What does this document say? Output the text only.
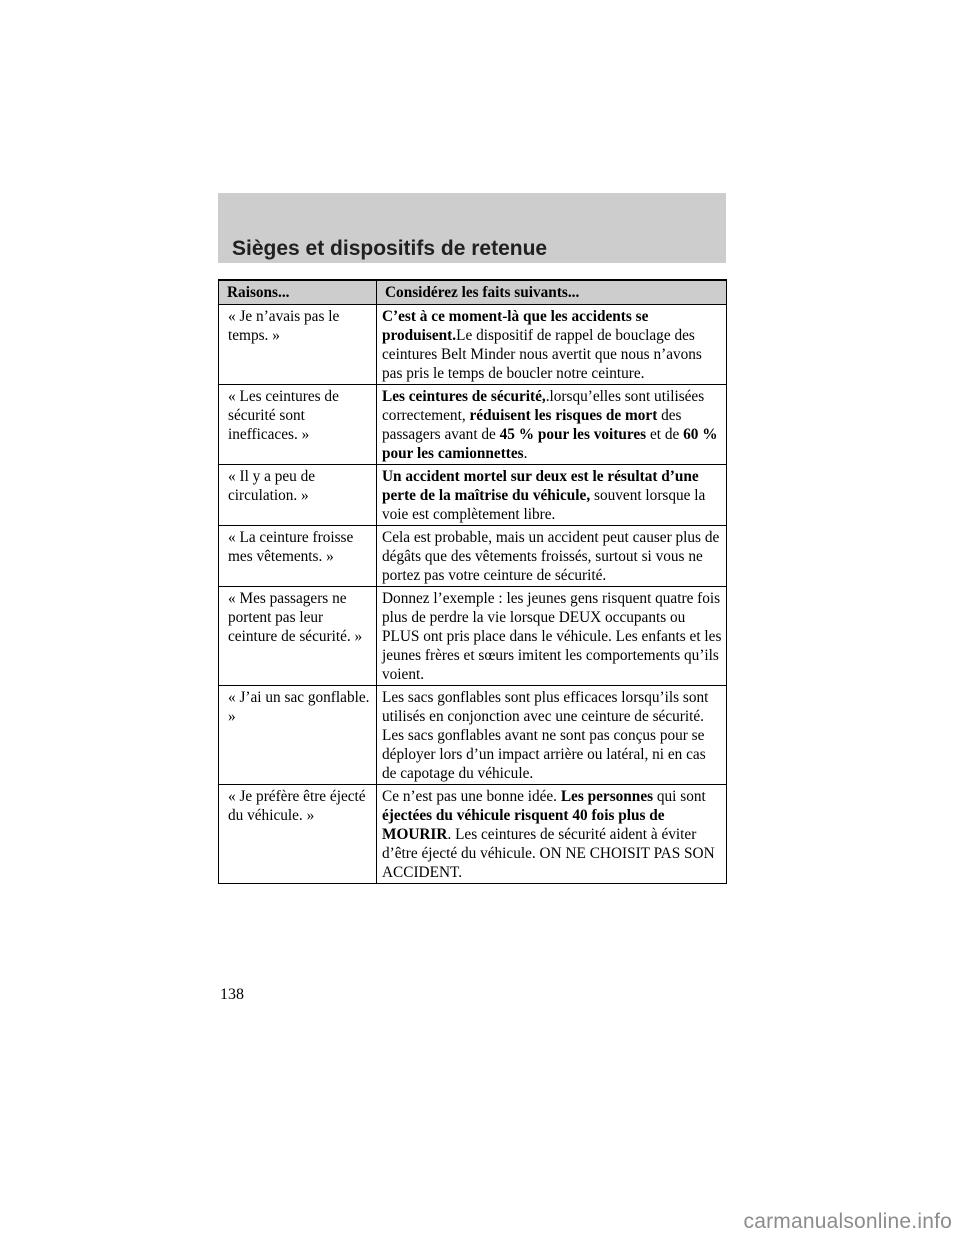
Sièges et dispositifs de retenue
Raisons...	Considérez les faits suivants...
« Je n’avais pas le temps. »	C’est à ce moment-là que les accidents se produisent.Le dispositif de rappel de bouclage des ceintures Belt Minder nous avertit que nous n’avons pas pris le temps de boucler notre ceinture.
« Les ceintures de sécurité sont inefficaces. »	Les ceintures de sécurité,.lorsqu’elles sont utilisées correctement, réduisent les risques de mort des passagers avant de 45 % pour les voitures et de 60 % pour les camionnettes.
« Il y a peu de circulation. »	Un accident mortel sur deux est le résultat d’une perte de la maîtrise du véhicule, souvent lorsque la voie est complètement libre.
« La ceinture froisse mes vêtements. »	Cela est probable, mais un accident peut causer plus de dégâts que des vêtements froissés, surtout si vous ne portez pas votre ceinture de sécurité.
« Mes passagers ne portent pas leur ceinture de sécurité. »	Donnez l’exemple : les jeunes gens risquent quatre fois plus de perdre la vie lorsque DEUX occupants ou PLUS ont pris place dans le véhicule. Les enfants et les jeunes frères et sœurs imitent les comportements qu’ils voient.
« J’ai un sac gonflable. »	Les sacs gonflables sont plus efficaces lorsqu’ils sont utilisés en conjonction avec une ceinture de sécurité. Les sacs gonflables avant ne sont pas conçus pour se déployer lors d’un impact arrière ou latéral, ni en cas de capotage du véhicule.
« Je préfère être éjecté du véhicule. »	Ce n’est pas une bonne idée. Les personnes qui sont éjectées du véhicule risquent 40 fois plus de MOURIR. Les ceintures de sécurité aident à éviter d’être éjecté du véhicule. ON NE CHOISIT PAS SON ACCIDENT.
138
carmanualsonline.info
